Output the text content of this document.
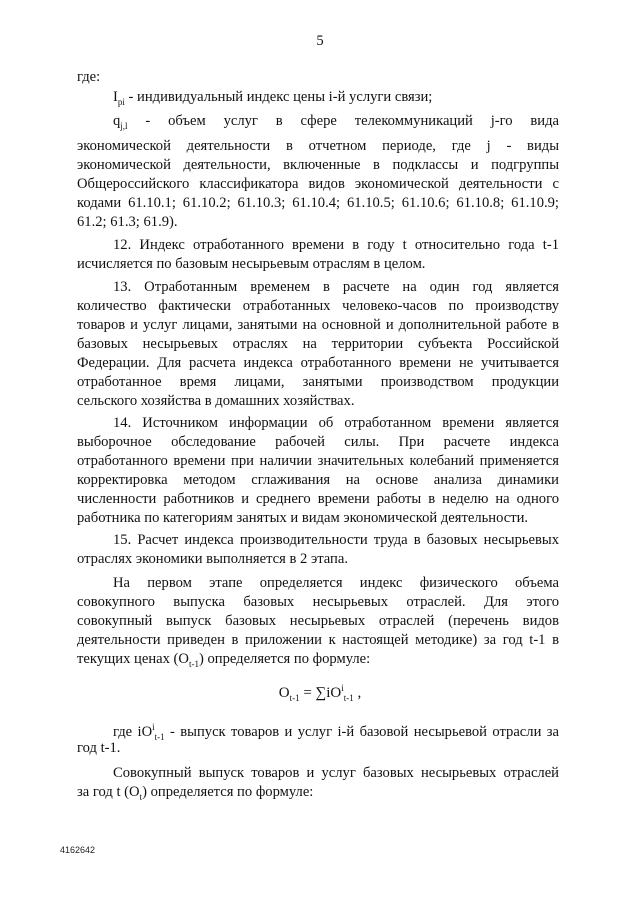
5
где:
$I_{pi}$ - индивидуальный индекс цены i-й услуги связи;
$q_{j,l}$ - объем услуг в сфере телекоммуникаций j-го вида
экономической деятельности в отчетном периоде, где j - виды
экономической деятельности, включенные в подклассы и подгруппы
Общероссийского классификатора видов экономической деятельности с
кодами 61.10.1; 61.10.2; 61.10.3; 61.10.4; 61.10.5; 61.10.6; 61.10.8; 61.10.9;
61.2; 61.3; 61.9).
12. Индекс отработанного времени в году t относительно года t-1
исчисляется по базовым несырьевым отраслям в целом.
13. Отработанным временем в расчете на один год является
количество фактически отработанных человеко-часов по производству
товаров и услуг лицами, занятыми на основной и дополнительной работе в
базовых несырьевых отраслях на территории субъекта Российской
Федерации. Для расчета индекса отработанного времени не учитывается
отработанное время лицами, занятыми производством продукции
сельского хозяйства в домашних хозяйствах.
14. Источником информации об отработанном времени является
выборочное обследование рабочей силы. При расчете индекса
отработанного времени при наличии значительных колебаний применяется
корректировка методом сглаживания на основе анализа динамики
численности работников и среднего времени работы в неделю на одного
работника по категориям занятых и видам экономической деятельности.
15. Расчет индекса производительности труда в базовых несырьевых
отраслях экономики выполняется в 2 этапа.
На первом этапе определяется индекс физического объема
совокупного выпуска базовых несырьевых отраслей. Для этого
совокупный выпуск базовых несырьевых отраслей (перечень видов
деятельности приведен в приложении к настоящей методике) за год t-1 в
текущих ценах $(O_{t-1})$ определяется по формуле:
$O_{t-1} = \sum iO^i_{t-1}$ ,
где $iO^i_{t-1}$ - выпуск товаров и услуг i-й базовой несырьевой отрасли за
год t-1.
Совокупный выпуск товаров и услуг базовых несырьевых отраслей
за год t $(O_t)$ определяется по формуле:
4162642
